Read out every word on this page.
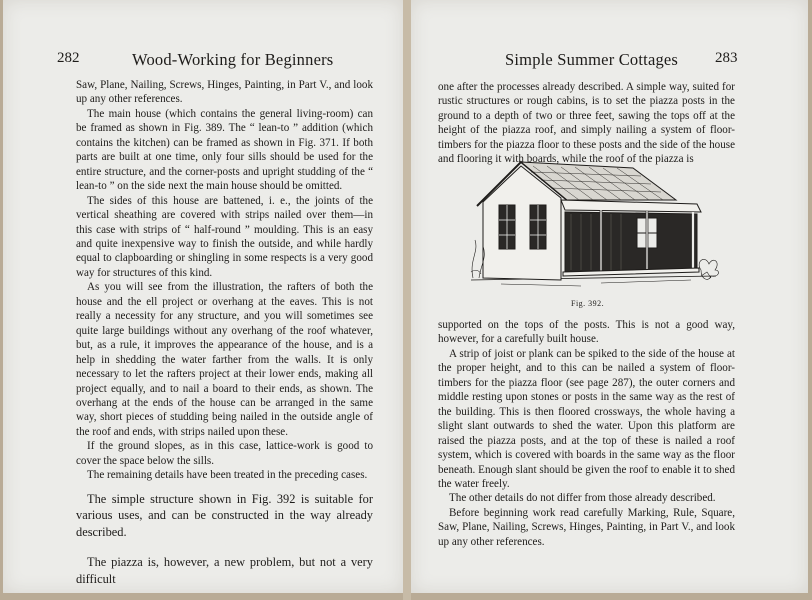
282	Wood-Working for Beginners

Saw, Plane, Nailing, Screws, Hinges, Painting, in Part V., and look up any other references.

The main house (which contains the general living-room) can be framed as shown in Fig. 389. The “ lean-to ” addition (which contains the kitchen) can be framed as shown in Fig. 371. If both parts are built at one time, only four sills should be used for the entire structure, and the corner-posts and upright studding of the “ lean-to ” on the side next the main house should be omitted.

The sides of this house are battened, i. e., the joints of the vertical sheathing are covered with strips nailed over them—in this case with strips of “ half-round ” moulding. This is an easy and quite inexpensive way to finish the outside, and while hardly equal to clapboarding or shingling in some respects is a very good way for structures of this kind.

As you will see from the illustration, the rafters of both the house and the ell project or overhang at the eaves. This is not really a necessity for any structure, and you will sometimes see quite large buildings without any overhang of the roof whatever, but, as a rule, it improves the appearance of the house, and is a help in shedding the water farther from the walls. It is only necessary to let the rafters project at their lower ends, making all project equally, and to nail a board to their ends, as shown. The overhang at the ends of the house can be arranged in the same way, short pieces of studding being nailed in the outside angle of the roof and ends, with strips nailed upon these.

If the ground slopes, as in this case, lattice-work is good to cover the space below the sills.

The remaining details have been treated in the preceding cases.

The simple structure shown in Fig. 392 is suitable for various uses, and can be constructed in the way already described.

The piazza is, however, a new problem, but not a very difficult

Simple Summer Cottages 283

one after the processes already described. A simple way, suited for rustic structures or rough cabins, is to set the piazza posts in the ground to a depth of two or three feet, sawing the tops off at the height of the piazza roof, and simply nailing a system of floor-timbers for the piazza floor to these posts and the side of the house and flooring it with boards, while the roof of the piazza is

Fig. 392.

supported on the tops of the posts. This is not a good way, however, for a carefully built house.

A strip of joist or plank can be spiked to the side of the house at the proper height, and to this can be nailed a system of floor-timbers for the piazza floor (see page 287), the outer corners and middle resting upon stones or posts in the same way as the rest of the building. This is then floored crossways, the whole having a slight slant outwards to shed the water. Upon this platform are raised the piazza posts, and at the top of these is nailed a roof system, which is covered with boards in the same way as the floor beneath. Enough slant should be given the roof to enable it to shed the water freely.

The other details do not differ from those already described.

Before beginning work read carefully Marking, Rule, Square, Saw, Plane, Nailing, Screws, Hinges, Painting, in Part V., and look up any other references.
